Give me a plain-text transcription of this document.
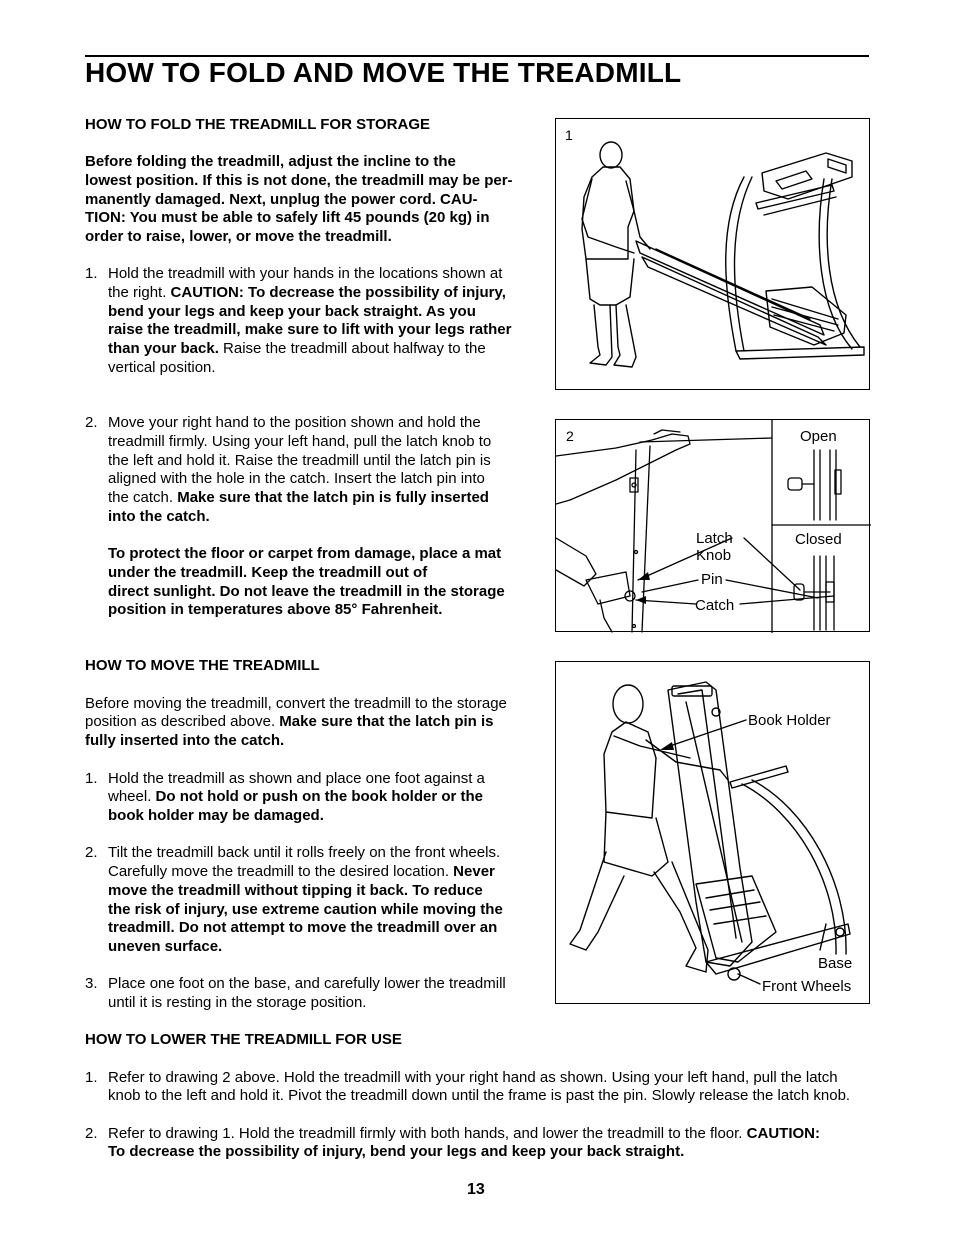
HOW TO FOLD AND MOVE THE TREADMILL
HOW TO FOLD THE TREADMILL FOR STORAGE
Before folding the treadmill, adjust the incline to the
lowest position. If this is not done, the treadmill may be per-
manently damaged. Next, unplug the power cord. CAU-
TION: You must be able to safely lift 45 pounds (20 kg) in
order to raise, lower, or move the treadmill.
1. Hold the treadmill with your hands in the locations shown at
the right. CAUTION: To decrease the possibility of injury,
bend your legs and keep your back straight. As you
raise the treadmill, make sure to lift with your legs rather
than your back. Raise the treadmill about halfway to the
vertical position.
2. Move your right hand to the position shown and hold the
treadmill firmly. Using your left hand, pull the latch knob to
the left and hold it. Raise the treadmill until the latch pin is
aligned with the hole in the catch. Insert the latch pin into
the catch. Make sure that the latch pin is fully inserted
into the catch.
To protect the floor or carpet from damage, place a mat
under the treadmill. Keep the treadmill out of
direct sunlight. Do not leave the treadmill in the storage
position in temperatures above 85° Fahrenheit.
HOW TO MOVE THE TREADMILL
Before moving the treadmill, convert the treadmill to the storage
position as described above. Make sure that the latch pin is
fully inserted into the catch.
1. Hold the treadmill as shown and place one foot against a
wheel. Do not hold or push on the book holder or the
book holder may be damaged.
2. Tilt the treadmill back until it rolls freely on the front wheels.
Carefully move the treadmill to the desired location. Never
move the treadmill without tipping it back. To reduce
the risk of injury, use extreme caution while moving the
treadmill. Do not attempt to move the treadmill over an
uneven surface.
3. Place one foot on the base, and carefully lower the treadmill
until it is resting in the storage position.
HOW TO LOWER THE TREADMILL FOR USE
1. Refer to drawing 2 above. Hold the treadmill with your right hand as shown. Using your left hand, pull the latch
knob to the left and hold it. Pivot the treadmill down until the frame is past the pin. Slowly release the latch knob.
2. Refer to drawing 1. Hold the treadmill firmly with both hands, and lower the treadmill to the floor. CAUTION:
To decrease the possibility of injury, bend your legs and keep your back straight.
1
2	Open
Closed
Latch
Knob
Pin
Catch
Book Holder
Base
Front Wheels
13
